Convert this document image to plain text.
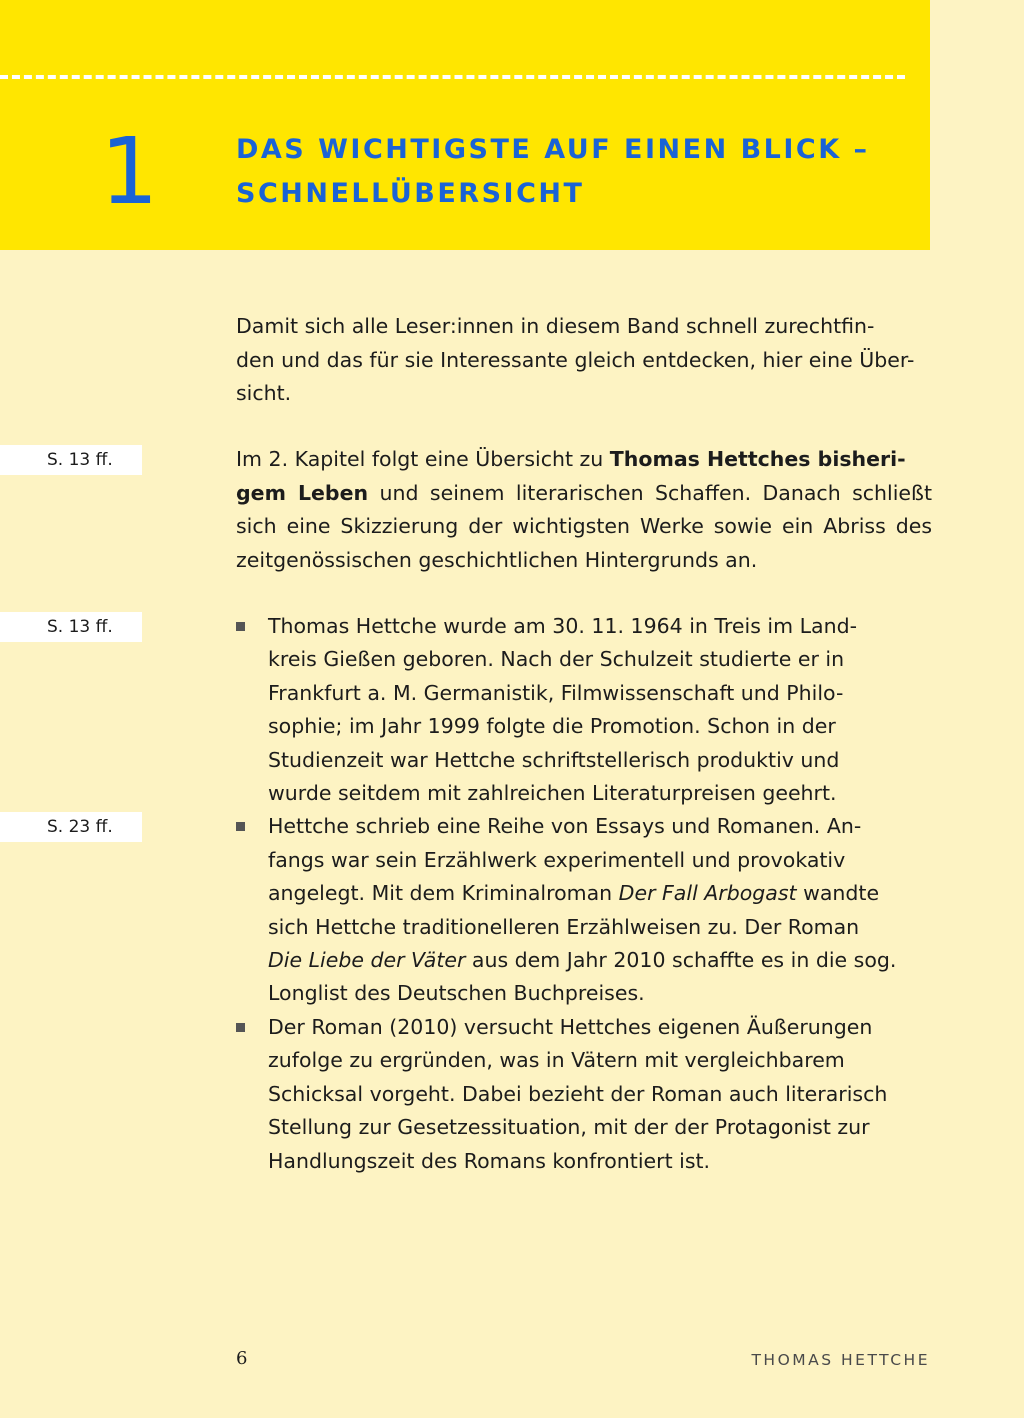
1	DAS WICHTIGSTE AUF EINEN BLICK –
SCHNELLÜBERSICHT
Damit sich alle Leser:innen in diesem Band schnell zurechtfin-
den und das für sie Interessante gleich entdecken, hier eine Über-
sicht.
S. 13 ff.	Im 2. Kapitel folgt eine Übersicht zu Thomas Hettches bisheri-
gem Leben und seinem literarischen Schaffen. Danach schließt sich eine Skizzierung der wichtigsten Werke sowie ein Abriss des zeitgenössischen geschichtlichen Hintergrunds an.
S. 13 ff.
S. 23 ff.
Thomas Hettche wurde am 30. 11. 1964 in Treis im Land-
kreis Gießen geboren. Nach der Schulzeit studierte er in
Frankfurt a. M. Germanistik, Filmwissenschaft und Philo-
sophie; im Jahr 1999 folgte die Promotion. Schon in der
Studienzeit war Hettche schriftstellerisch produktiv und
wurde seitdem mit zahlreichen Literaturpreisen geehrt.
Hettche schrieb eine Reihe von Essays und Romanen. An-
fangs war sein Erzählwerk experimentell und provokativ
angelegt. Mit dem Kriminalroman Der Fall Arbogast wandte
sich Hettche traditionelleren Erzählweisen zu. Der Roman
Die Liebe der Väter aus dem Jahr 2010 schaffte es in die sog.
Longlist des Deutschen Buchpreises.
Der Roman (2010) versucht Hettches eigenen Äußerungen
zufolge zu ergründen, was in Vätern mit vergleichbarem
Schicksal vorgeht. Dabei bezieht der Roman auch literarisch
Stellung zur Gesetzessituation, mit der der Protagonist zur
Handlungszeit des Romans konfrontiert ist.
6	THOMAS HETTCHE
